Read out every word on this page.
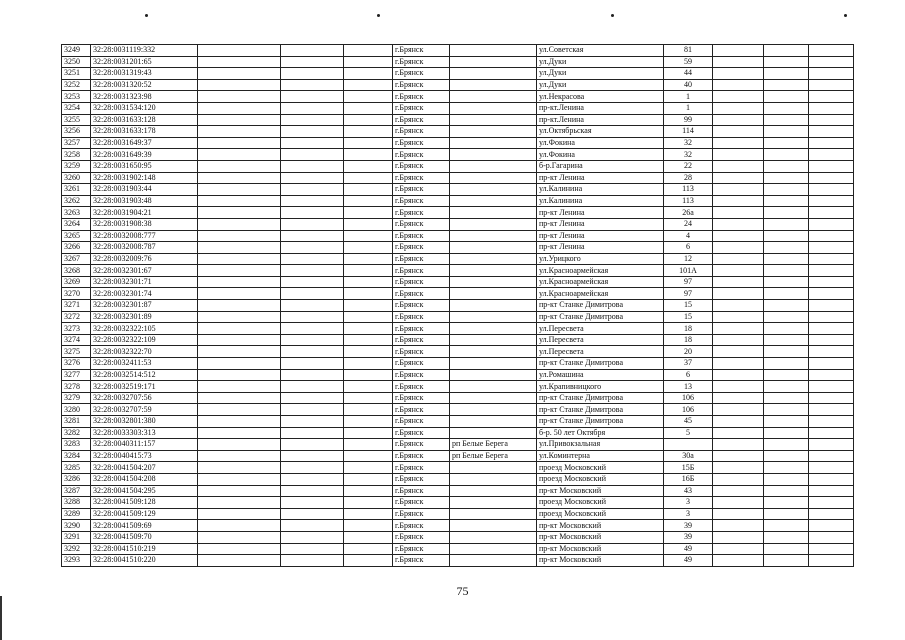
3249	32:28:0031119:332				г.Брянск		ул.Советская	81			
3250	32:28:0031201:65				г.Брянск		ул.Дуки	59			
3251	32:28:0031319:43				г.Брянск		ул.Дуки	44			
3252	32:28:0031320:52				г.Брянск		ул.Дуки	40			
3253	32:28:0031323:98				г.Брянск		ул.Некрасова	1			
3254	32:28:0031534:120				г.Брянск		пр-кт.Ленина	1			
3255	32:28:0031633:128				г.Брянск		пр-кт.Ленина	99			
3256	32:28:0031633:178				г.Брянск		ул.Октябрьская	114			
3257	32:28:0031649:37				г.Брянск		ул.Фокина	32			
3258	32:28:0031649:39				г.Брянск		ул.Фокина	32			
3259	32:28:0031650:95				г.Брянск		б-р.Гагарина	22			
3260	32:28:0031902:148				г.Брянск		пр-кт Ленина	28			
3261	32:28:0031903:44				г.Брянск		ул.Калинина	113			
3262	32:28:0031903:48				г.Брянск		ул.Калинина	113			
3263	32:28:0031904:21				г.Брянск		пр-кт Ленина	26а			
3264	32:28:0031908:38				г.Брянск		пр-кт Ленина	24			
3265	32:28:0032008:777				г.Брянск		пр-кт Ленина	4			
3266	32:28:0032008:787				г.Брянск		пр-кт Ленина	6			
3267	32:28:0032009:76				г.Брянск		ул.Урицкого	12			
3268	32:28:0032301:67				г.Брянск		ул.Красноармейская	101А			
3269	32:28:0032301:71				г.Брянск		ул.Красноармейская	97			
3270	32:28:0032301:74				г.Брянск		ул.Красноармейская	97			
3271	32:28:0032301:87				г.Брянск		пр-кт Станке Димитрова	15			
3272	32:28:0032301:89				г.Брянск		пр-кт Станке Димитрова	15			
3273	32:28:0032322:105				г.Брянск		ул.Пересвета	18			
3274	32:28:0032322:109				г.Брянск		ул.Пересвета	18			
3275	32:28:0032322:70				г.Брянск		ул.Пересвета	20			
3276	32:28:0032411:53				г.Брянск		пр-кт Станке Димитрова	37			
3277	32:28:0032514:512				г.Брянск		ул.Ромашина	6			
3278	32:28:0032519:171				г.Брянск		ул.Крапивницкого	13			
3279	32:28:0032707:56				г.Брянск		пр-кт Станке Димитрова	106			
3280	32:28:0032707:59				г.Брянск		пр-кт Станке Димитрова	106			
3281	32:28:0032801:380				г.Брянск		пр-кт Станке Димитрова	45			
3282	32:28:0033303:313				г.Брянск		б-р. 50 лет Октября	5			
3283	32:28:0040311:157				г.Брянск	рп Белые Берега	ул.Привокзальная				
3284	32:28:0040415:73				г.Брянск	рп Белые Берега	ул.Коминтерна	30а			
3285	32:28:0041504:207				г.Брянск		проезд Московский	15Б			
3286	32:28:0041504:208				г.Брянск		проезд Московский	16Б			
3287	32:28:0041504:295				г.Брянск		пр-кт Московский	43			
3288	32:28:0041509:128				г.Брянск		проезд Московский	3			
3289	32:28:0041509:129				г.Брянск		проезд Московский	3			
3290	32:28:0041509:69				г.Брянск		пр-кт Московский	39			
3291	32:28:0041509:70				г.Брянск		пр-кт Московский	39			
3292	32:28:0041510:219				г.Брянск		пр-кт Московский	49			
3293	32:28:0041510:220				г.Брянск		пр-кт Московский	49			
75
